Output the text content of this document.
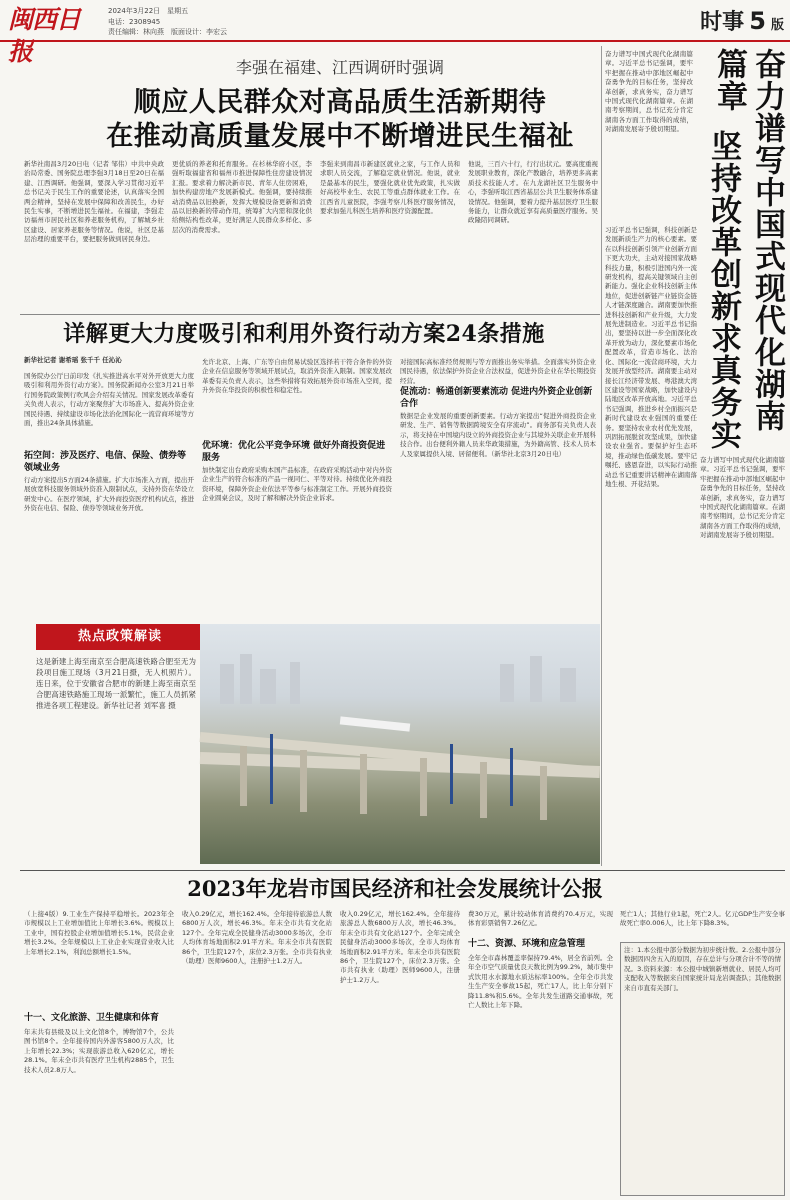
闽西日报
2024年3月22日　星期五
电话：2308945
责任编辑：林向燕　版面设计：李宏云	时事 5 版
李强在福建、江西调研时强调
顺应人民群众对高品质生活新期待
在推动高质量发展中不断增进民生福祉
新华社南昌3月20日电（记者 邹伟）中共中央政治局常委、国务院总理李强3月18日至20日在福建、江西调研。他强调，要深入学习贯彻习近平总书记关于民生工作的重要论述，认真落实全国两会精神，坚持在发展中保障和改善民生，办好民生实事，不断增进民生福祉。在福建，李强走访福州市居民社区和养老服务机构，了解城乡社区建设、居家养老服务等情况。他说，社区是基层治理的重要平台，要把服务做到居民身边。
更优质的养老和托育服务。在杉林华府小区，李强听取福建省和福州市推进保障性住房建设情况汇报。要求着力解决新市民、青年人住房困难，加快构建房地产发展新模式。他强调，要持续推动消费品以旧换新，发挥大规模设备更新和消费品以旧换新的带动作用，统筹扩大内需和深化供给侧结构性改革，更好满足人民群众多样化、多层次的消费需求。
李强来到南昌市新建区就业之家，与工作人员和求职人员交流，了解稳定就业情况。他说，就业是最基本的民生，要强化就业优先政策，扎实做好高校毕业生、农民工等重点群体就业工作。在江西省儿童医院，李强考察儿科医疗服务情况，要求加强儿科医生培养和医疗资源配置。
他说，三百六十行，行行出状元。要高度重视发展职业教育，深化产教融合，培养更多高素质技术技能人才。在九龙湖社区卫生服务中心，李强听取江西省基层公共卫生服务体系建设情况。他强调，要着力提升基层医疗卫生服务能力，让群众就近享有高质量医疗服务。吴政隆陪同调研。
奋力谱写中国式现代化湖南篇章。习近平总书记强调，要牢牢把握在推动中部地区崛起中奋勇争先的目标任务，坚持改革创新，求真务实，奋力谱写中国式现代化湖南篇章。在湖南考察期间，总书记充分肯定湖南各方面工作取得的成绩，对湖南发展寄予殷切期望。	奋力谱写中国式现代化湖南篇章
坚持改革创新求真务实
习近平总书记强调，科技创新是发展新质生产力的核心要素。要在以科技创新引领产业创新方面下更大功夫，主动对接国家战略科技力量，积极引进国内外一流研发机构，提高关键领域自主创新能力。强化企业科技创新主体地位，促进创新链产业链资金链人才链深度融合。湖南要加快推进科技创新和产业升级，大力发展先进制造业。习近平总书记指出，要坚持以进一步全面深化改革开放为动力，深化要素市场化配置改革，营造市场化、法治化、国际化一流营商环境，大力发展开放型经济。湖南要主动对接长江经济带发展、粤港澳大湾区建设等国家战略，加快建设内陆地区改革开放高地。习近平总书记强调，推进乡村全面振兴是新时代建设农业强国的重要任务。要坚持农业农村优先发展，巩固拓展脱贫攻坚成果，加快建设农业强省。要保护好生态环境，推动绿色低碳发展。要牢记嘱托、感恩奋进，以实际行动推动总书记重要讲话精神在湖南落地生根、开花结果。
奋力谱写中国式现代化湖南篇章。习近平总书记强调，要牢牢把握在推动中部地区崛起中奋勇争先的目标任务，坚持改革创新，求真务实，奋力谱写中国式现代化湖南篇章。在湖南考察期间，总书记充分肯定湖南各方面工作取得的成绩，对湖南发展寄予殷切期望。
详解更大力度吸引和利用外资行动方案24条措施
新华社记者 谢希瑶 张千千 任沁沁
国务院办公厅日前印发《扎实推进高水平对外开放更大力度吸引和利用外资行动方案》。国务院新闻办公室3月21日举行国务院政策例行吹风会介绍有关情况。国家发展改革委有关负责人表示，行动方案聚焦扩大市场准入、提高外资企业国民待遇、持续建设市场化法治化国际化一流营商环境等方面，推出24条具体措施。
拓空间：涉及医疗、电信、保险、债券等领域业务
行动方案提出5方面24条措施。扩大市场准入方面，提出开展放宽科技服务领域外资准入限制试点，支持外资在华设立研发中心。在医疗领域，扩大外商投资医疗机构试点，推进外资在电信、保险、债券等领域业务开放。
允许北京、上海、广东等自由贸易试验区选择若干符合条件的外资企业在信息服务等领域开展试点，取消外资准入限制。国家发展改革委有关负责人表示，这些举措将有效拓展外资市场准入空间，提升外资在华投资的积极性和稳定性。
优环境：优化公平竞争环境 做好外商投资促进服务
加快制定出台政府采购本国产品标准，在政府采购活动中对内外资企业生产的符合标准的产品一视同仁、平等对待。持续优化外商投资环境，保障外资企业依法平等参与标准制定工作。开展外商投资企业圆桌会议，及时了解和解决外资企业诉求。
对接国际高标准经贸规则与等方面推出务实举措。全面落实外资企业国民待遇，依法保护外资企业合法权益，促进外资企业在华长期投资经营。
促流动：畅通创新要素流动 促进内外资企业创新合作
数据是企业发展的重要创新要素。行动方案提出“促进外商投资企业研发、生产、销售等数据跨境安全有序流动”。商务部有关负责人表示，将支持在中国境内设立的外商投资企业与其境外关联企业开展科技合作。出台便利外籍人员来华政策措施，为外籍高管、技术人员本人及家属提供入境、居留便利。（新华社北京3月20日电）
热点政策解读
这是新建上海至南京至合肥高速铁路合肥至无为段项目施工现场（3月21日摄，无人机照片）。连日来，位于安徽省合肥市的新建上海至南京至合肥高速铁路施工现场一派繁忙，施工人员抓紧推进各项工程建设。新华社记者 刘军喜 摄
2023年龙岩市国民经济和社会发展统计公报
（上接4版）9.工业生产保持平稳增长。2023年全市规模以上工业增加值比上年增长3.6%。规模以上工业中，国有控股企业增加值增长5.1%，民营企业增长3.2%。全年规模以上工业企业实现营业收入比上年增长2.1%，利润总额增长1.5%。
十一、文化旅游、卫生健康和体育
年末共有县级及以上文化馆8个，博物馆7个，公共图书馆8个。全年接待国内外游客5800万人次，比上年增长22.3%；实现旅游总收入620亿元，增长28.1%。年末全市共有医疗卫生机构2885个，卫生技术人员2.8万人。
收入0.29亿元，增长162.4%。全年接待旅游总人数6800万人次，增长46.3%。年末全市共有文化站127个。全年完成全民健身活动3000多场次，全市人均体育场地面积2.91平方米。年末全市共有医院86个，卫生院127个，床位2.3万张。全市共有执业（助理）医师9600人，注册护士1.2万人。
收入0.29亿元，增长162.4%。全年接待旅游总人数6800万人次，增长46.3%。年末全市共有文化站127个。全年完成全民健身活动3000多场次，全市人均体育场地面积2.91平方米。年末全市共有医院86个，卫生院127个，床位2.3万张。全市共有执业（助理）医师9600人，注册护士1.2万人。
费30万元，累计较动体育消费约70.4万元，实现体育彩票销售7.26亿元。
十二、资源、环境和应急管理
全年全市森林覆盖率保持79.4%，居全省前列。全年全市空气质量优良天数比例为99.2%，城市集中式饮用水水源地水质达标率100%。全年全市共发生生产安全事故15起，死亡17人，比上年分别下降11.8%和5.6%。全年共发生道路交通事故，死亡人数比上年下降。
死亡1人；其他行业1起，死亡2人。亿元GDP生产安全事故死亡率0.006人，比上年下降8.3%。
注：1.本公报中部分数据为初步统计数。2.公报中部分数据因四舍五入的原因，存在总计与分项合计不等的情况。3.资料来源：本公报中城镇新增就业、居民人均可支配收入等数据来自国家统计局龙岩调查队；其他数据来自市直有关部门。
